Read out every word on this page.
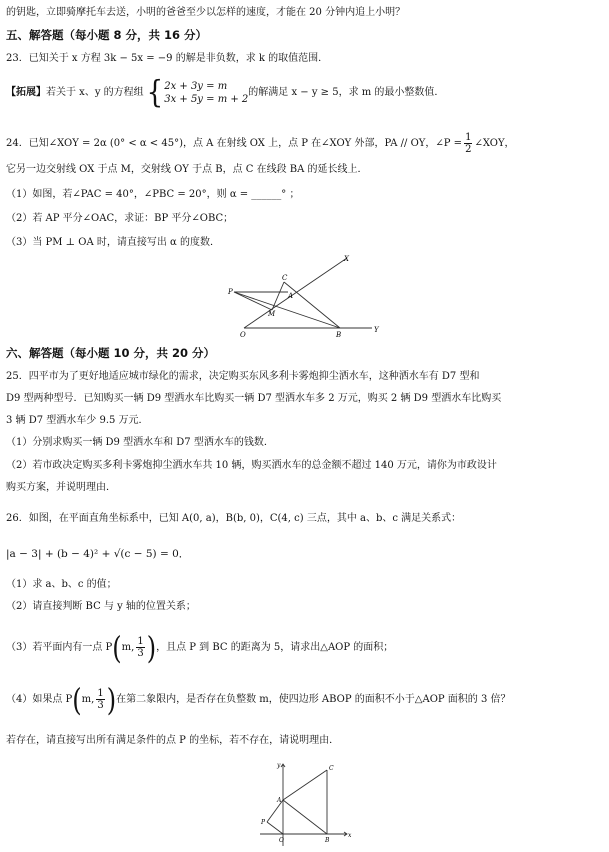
的钥匙，立即骑摩托车去送，小明的爸爸至少以怎样的速度，才能在 20 分钟内追上小明？
五、解答题（每小题 8 分，共 16 分）
23．已知关于 x 方程 3k − 5x = −9 的解是非负数，求 k 的取值范围．
【拓展】若关于 x、y 的方程组 { 2x + 3y = m
3x + 5y = m + 2
的解满足 x − y ≥ 5，求 m 的最小整数值．
24．已知∠XOY = 2α (0° < α < 45°)，点 A 在射线 OX 上，点 P 在∠XOY 外部，PA // OY，∠P = $\frac{1}{2}$ ∠XOY，
它另一边交射线 OX 于点 M，交射线 OY 于点 B，点 C 在线段 BA 的延长线上．
（1）如图，若∠PAC = 40°，∠PBC = 20°，则 α = ______° ；
（2）若 AP 平分∠OAC，求证：BP 平分∠OBC；
（3）当 PM ⊥ OA 时，请直接写出 α 的度数．
X
C
P	A
M
O	B
Y
六、解答题（每小题 10 分，共 20 分）
25．四平市为了更好地适应城市绿化的需求，决定购买东风多利卡雾炮抑尘洒水车，这种洒水车有 D7 型和
D9 型两种型号．已知购买一辆 D9 型洒水车比购买一辆 D7 型洒水车多 2 万元，购买 2 辆 D9 型洒水车比购买
3 辆 D7 型洒水车少 9.5 万元．
（1）分别求购买一辆 D9 型洒水车和 D7 型洒水车的钱数．
（2）若市政决定购买多利卡雾炮抑尘洒水车共 10 辆，购买洒水车的总金额不超过 140 万元，请你为市政设计
购买方案，并说明理由．
26．如图，在平面直角坐标系中，已知 A(0, a)，B(b, 0)，C(4, c) 三点，其中 a、b、c 满足关系式：
|a − 3| + (b − 4)² + √(c − 5) = 0．
（1）求 a、b、c 的值；
（2）请直接判断 BC 与 y 轴的位置关系；
（3）若平面内有一点 P(m, $\frac{1}{3}$ )，且点 P 到 BC 的距离为 5，请求出△AOP 的面积；
（4）如果点 P(m, $\frac{1}{3}$ )在第二象限内，是否存在负整数 m，使四边形 ABOP 的面积不小于△AOP 面积的 3 倍？
若存在，请直接写出所有满足条件的点 P 的坐标，若不存在，请说明理由．
y	C
A
P
O	B
x
